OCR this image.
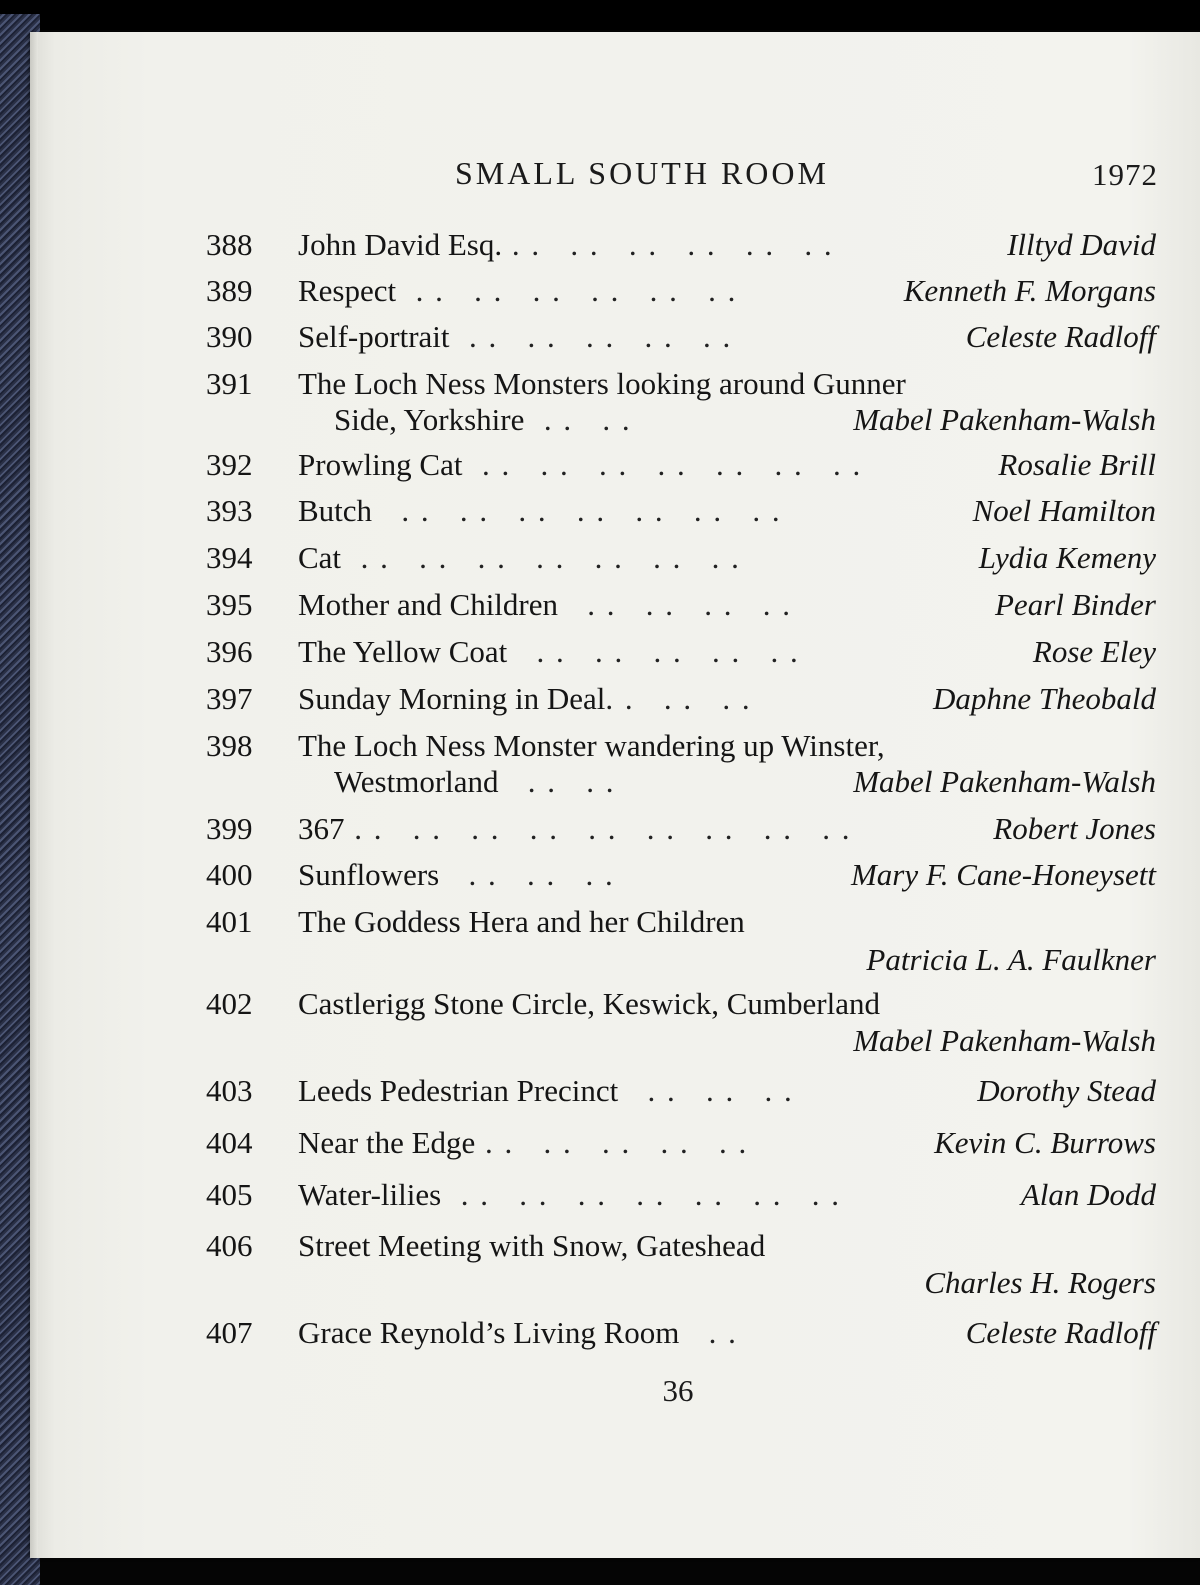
SMALL SOUTH ROOM	1972
388	John David Esq. . .   . .   . .   . .   . .   . .	Illtyd David
389	Respect  . .   . .   . .   . .   . .   . .	Kenneth F. Morgans
390	Self-portrait  . .   . .   . .   . .   . .	Celeste Radloff
391	The Loch Ness Monsters looking around Gunner
Side, Yorkshire  . .   . .	Mabel Pakenham-Walsh
392	Prowling Cat  . .   . .   . .   . .   . .   . .   . .	Rosalie Brill
393	Butch   . .   . .   . .   . .   . .   . .   . .	Noel Hamilton
394	Cat  . .   . .   . .   . .   . .   . .   . .	Lydia Kemeny
395	Mother and Children   . .   . .   . .   . .	Pearl Binder
396	The Yellow Coat   . .   . .   . .   . .   . .	Rose Eley
397	Sunday Morning in Deal. .   . .   . .	Daphne Theobald
398	The Loch Ness Monster wandering up Winster,
Westmorland   . .   . .	Mabel Pakenham-Walsh
399	367 . .   . .   . .   . .   . .   . .   . .   . .   . .	Robert Jones
400	Sunflowers   . .   . .   . .	Mary F. Cane-Honeysett
401	The Goddess Hera and her Children
Patricia L. A. Faulkner
402	Castlerigg Stone Circle, Keswick, Cumberland
Mabel Pakenham-Walsh
403	Leeds Pedestrian Precinct   . .   . .   . .	Dorothy Stead
404	Near the Edge . .   . .   . .   . .   . .	Kevin C. Burrows
405	Water-lilies  . .   . .   . .   . .   . .   . .   . .	Alan Dodd
406	Street Meeting with Snow, Gateshead
Charles H. Rogers
407	Grace Reynold’s Living Room   . .	Celeste Radloff
36
